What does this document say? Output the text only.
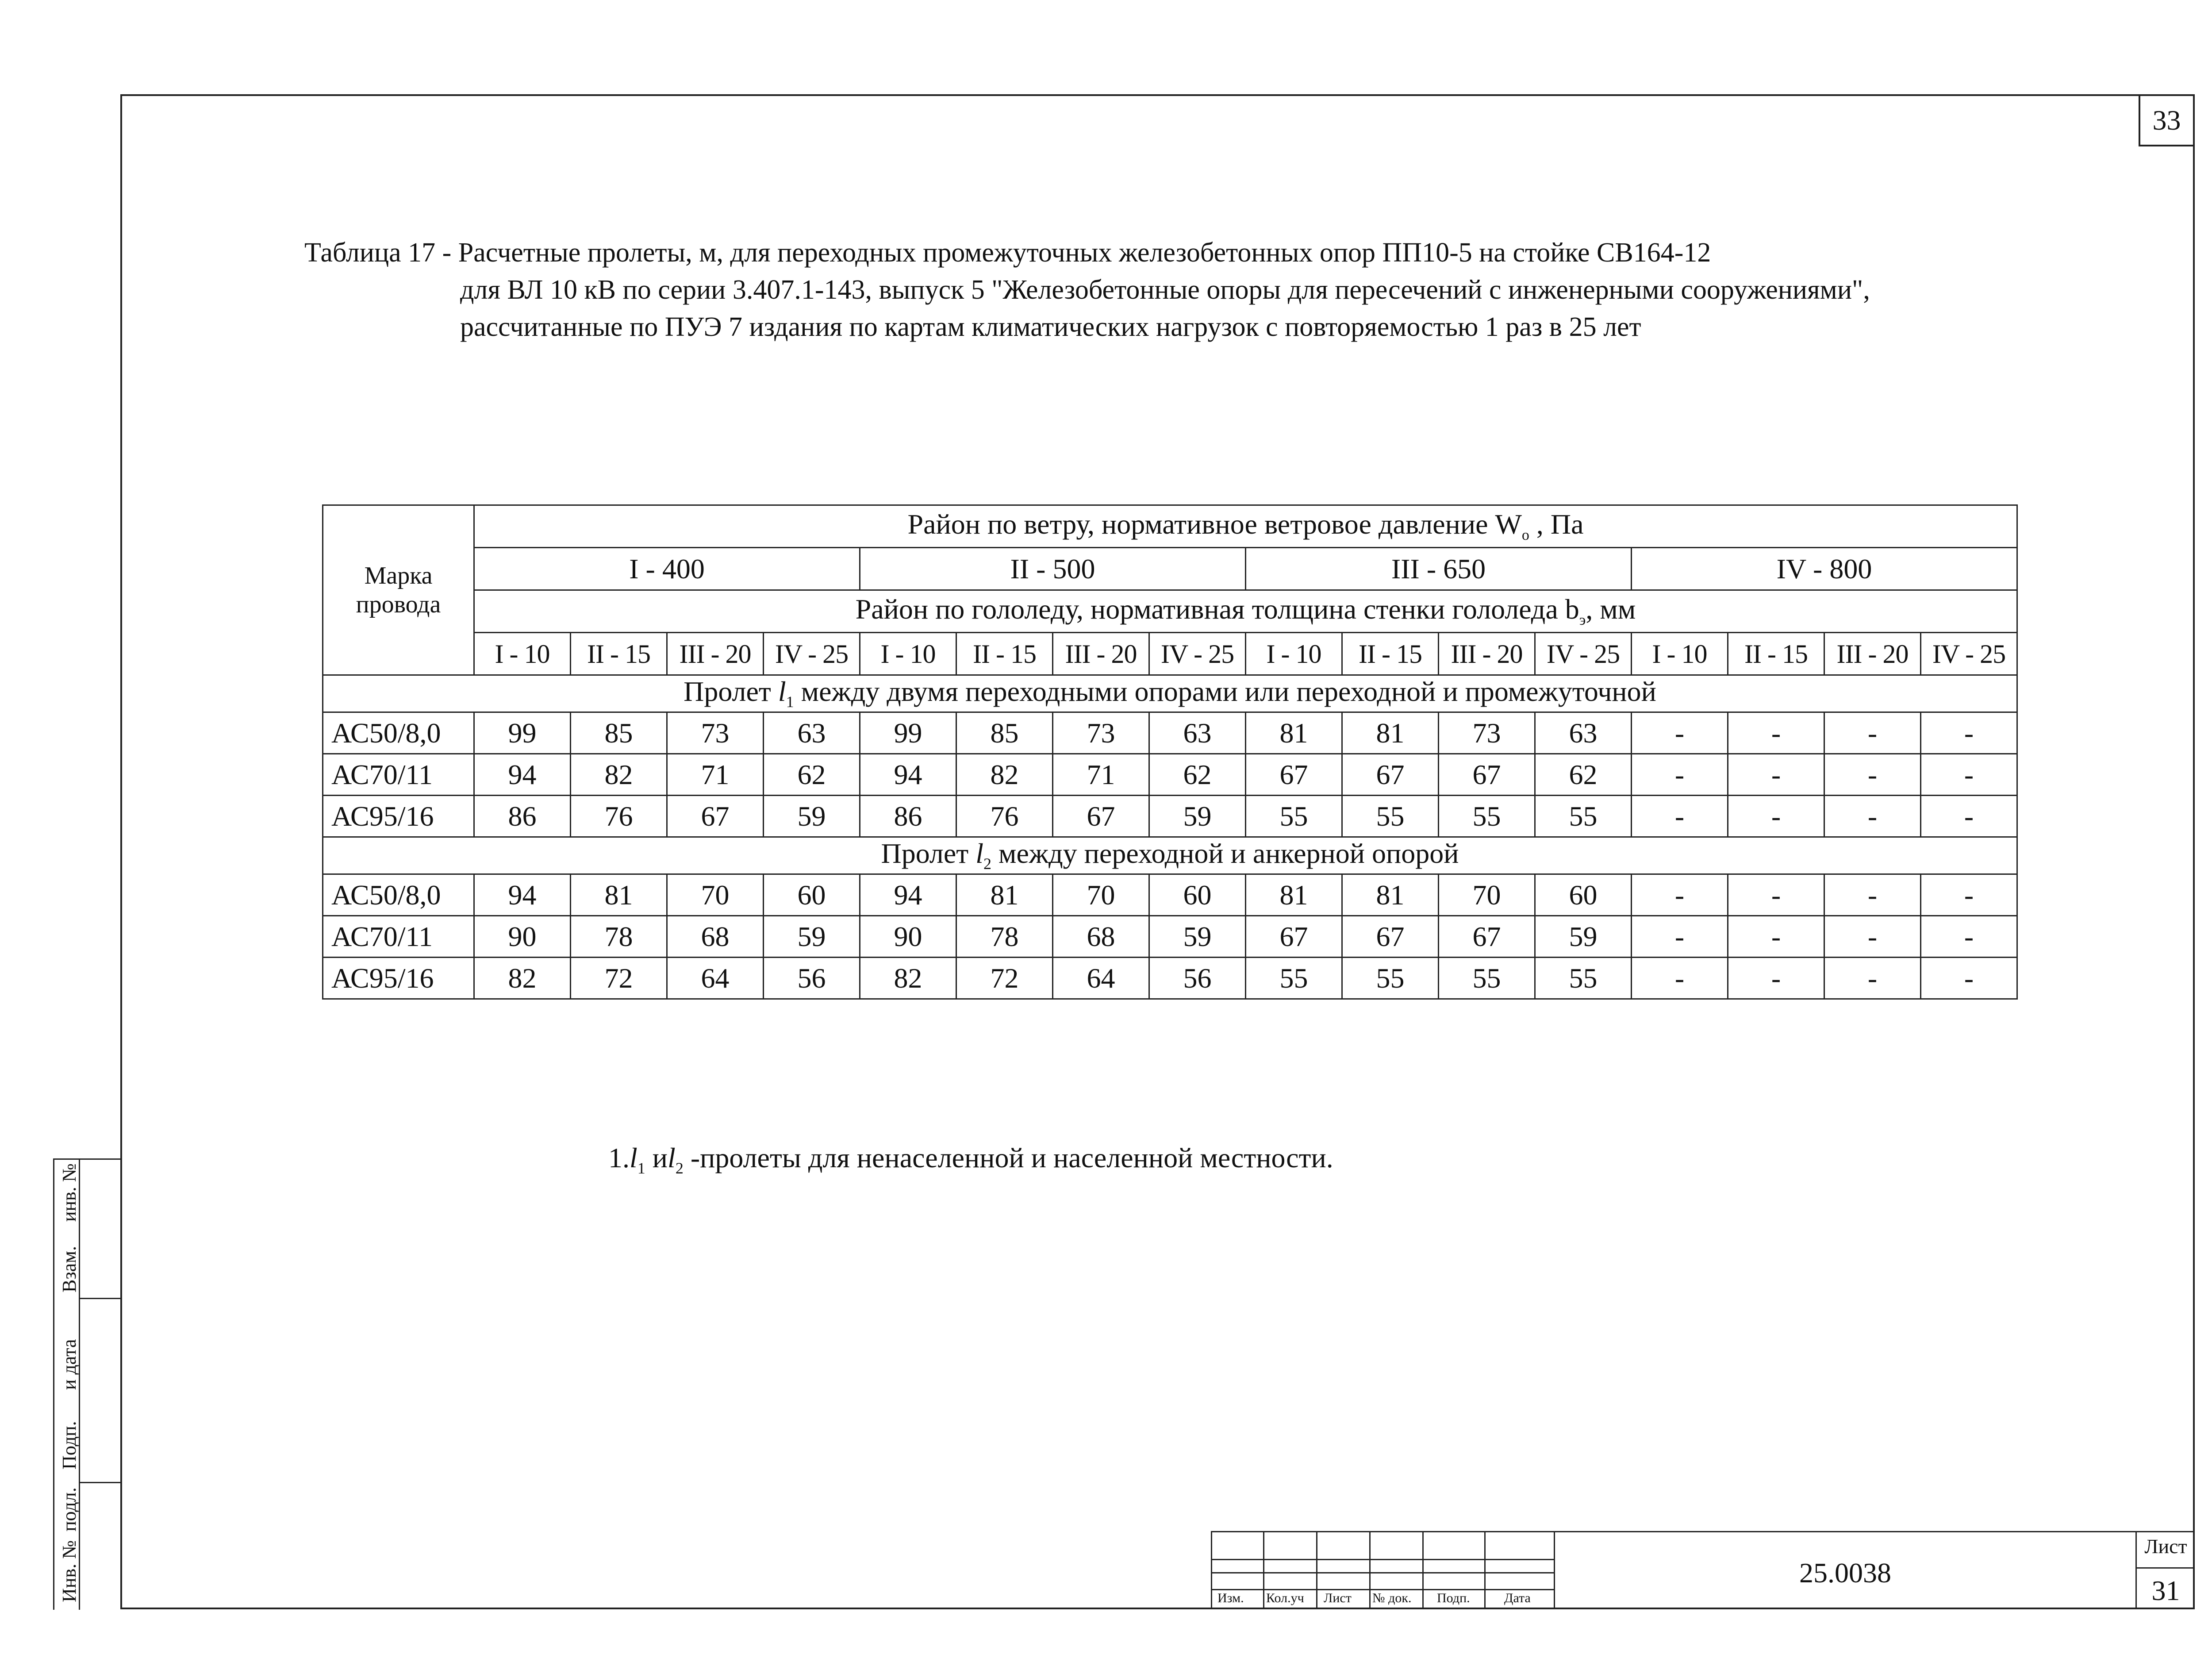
33
Таблица 17 - Расчетные пролеты, м, для переходных промежуточных железобетонных опор ПП10-5 на стойке СВ164-12
для ВЛ 10 кВ по серии 3.407.1-143, выпуск 5 "Железобетонные опоры для пересечений с инженерными сооружениями",
рассчитанные по ПУЭ 7 издания по картам климатических нагрузок с повторяемостью 1 раз в 25 лет
Марка провода	Район по ветру, нормативное ветровое давление $W_o$ , Па															
	I - 400				II - 500				III - 650				IV - 800			
	Район по гололеду, нормативная толщина стенки гололеда $b_э$, мм															
	I - 10	II - 15	III - 20	IV - 25	I - 10	II - 15	III - 20	IV - 25	I - 10	II - 15	III - 20	IV - 25	I - 10	II - 15	III - 20	IV - 25
Пролет $l_1$ между двумя переходными опорами или переходной и промежуточной																
АС50/8,0	99	85	73	63	99	85	73	63	81	81	73	63	-	-	-	-
АС70/11	94	82	71	62	94	82	71	62	67	67	67	62	-	-	-	-
АС95/16	86	76	67	59	86	76	67	59	55	55	55	55	-	-	-	-
Пролет $l_2$ между переходной и анкерной опорой																
АС50/8,0	94	81	70	60	94	81	70	60	81	81	70	60	-	-	-	-
АС70/11	90	78	68	59	90	78	68	59	67	67	67	59	-	-	-	-
АС95/16	82	72	64	56	82	72	64	56	55	55	55	55	-	-	-	-
$1.l_1$ $иl_2$ -пролеты для ненаселенной и населенной местности.
Инв. №
подл.
Подп.
и дата
Взам.
инв. №
Изм. Кол.уч Лист № док. Подп.	Дата
25.0038
Лист
31
